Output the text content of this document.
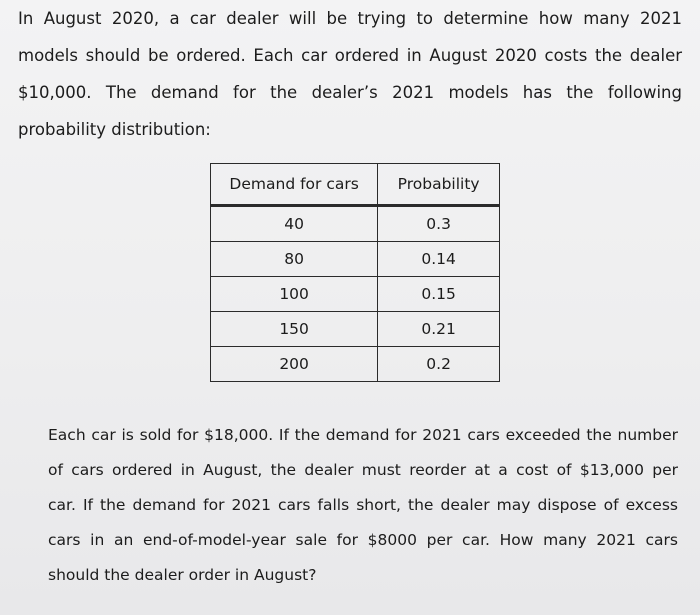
In August 2020, a car dealer will be trying to determine how many 2021
models should be ordered. Each car ordered in August 2020 costs the dealer
$10,000. The demand for the dealer’s 2021 models has the following
probability distribution:

Demand for cars	Probability
40	0.3
80	0.14
100	0.15
150	0.21
200	0.2

Each car is sold for $18,000. If the demand for 2021 cars exceeded the number
of cars ordered in August, the dealer must reorder at a cost of $13,000 per
car. If the demand for 2021 cars falls short, the dealer may dispose of excess
cars in an end-of-model-year sale for $8000 per car. How many 2021 cars
should the dealer order in August?
